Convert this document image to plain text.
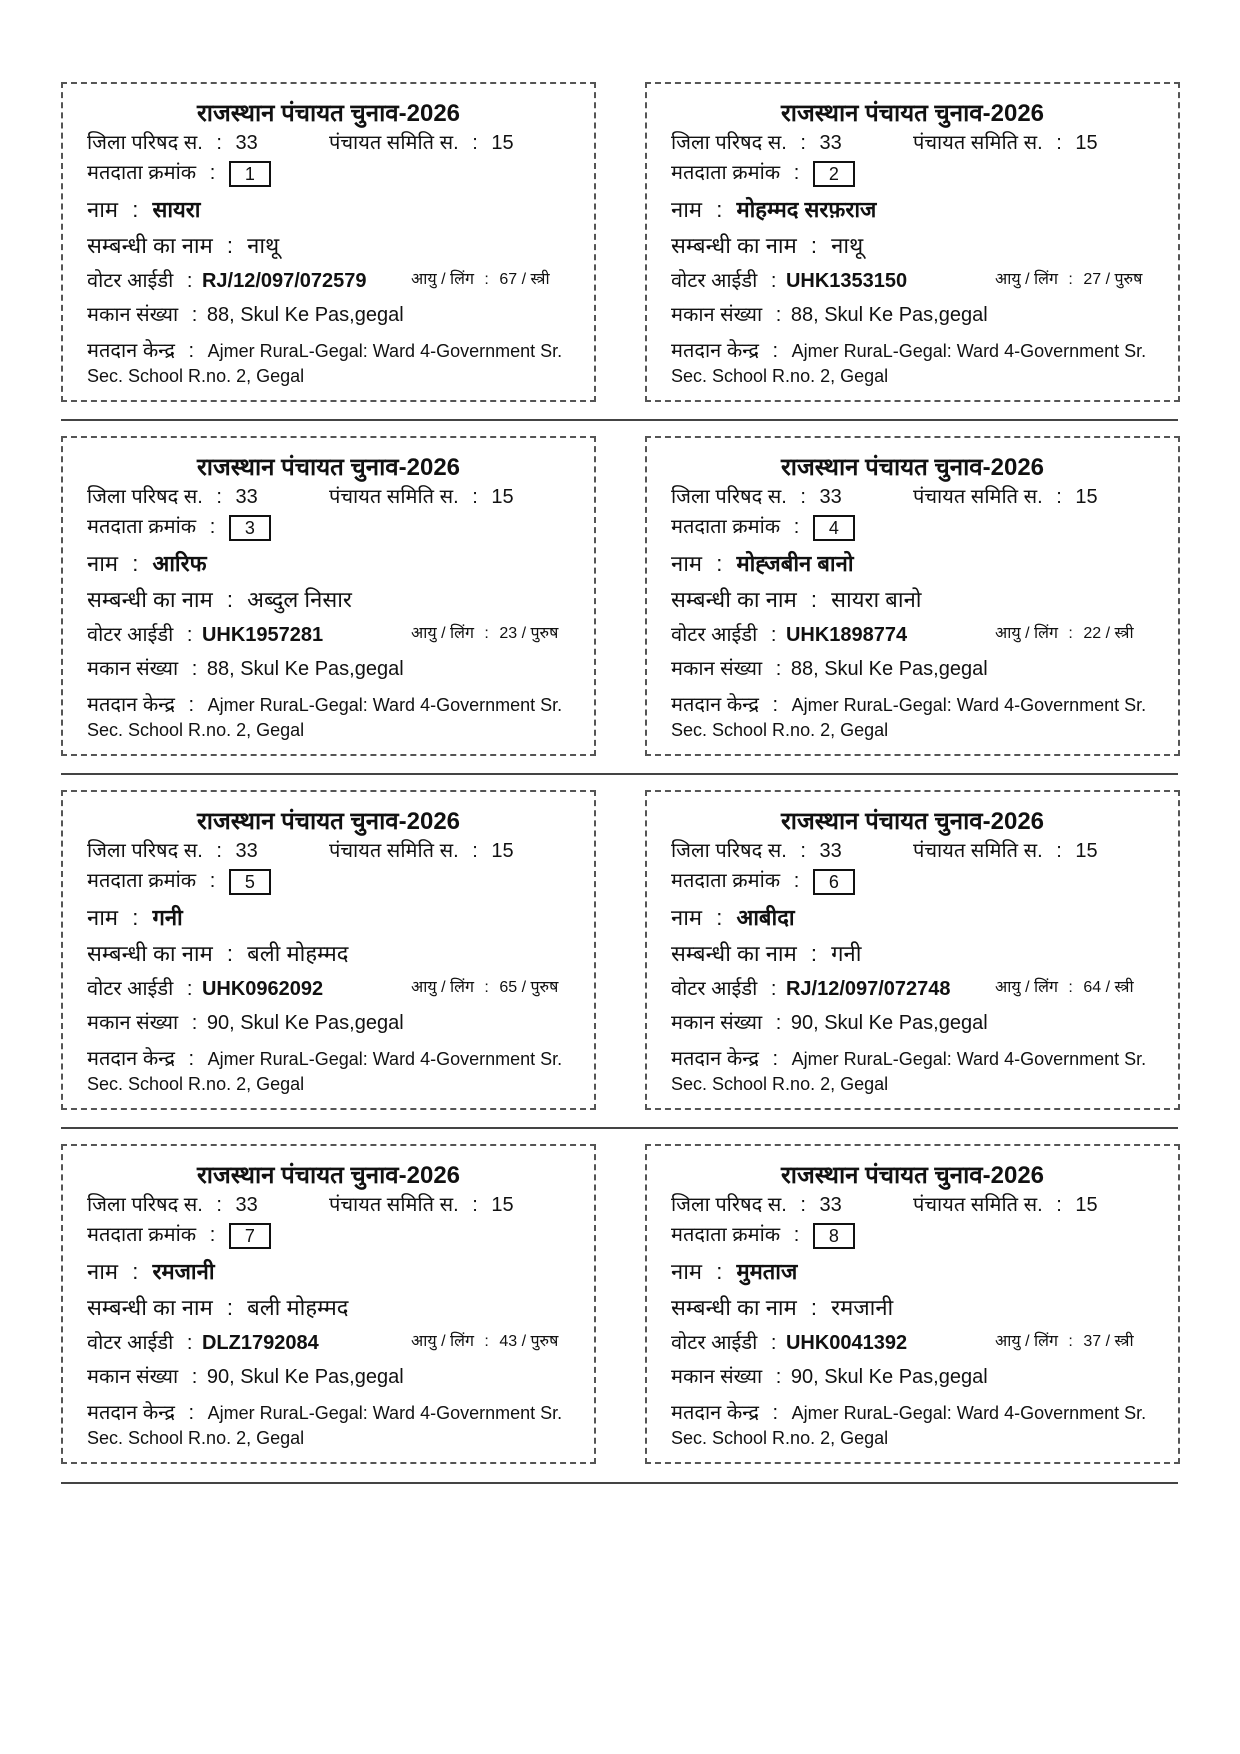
राजस्थान पंचायत चुनाव-2026
जिला परिषद स. : 33	पंचायत समिति स. : 15
मतदाता क्रमांक : 1
नाम : सायरा
सम्बन्धी का नाम : नाथू
वोटर आईडी : RJ/12/097/072579	आयु / लिंग : 67 / स्त्री
मकान संख्या : 88, Skul Ke Pas,gegal
मतदान केन्द्र : Ajmer RuraL-Gegal: Ward 4-Government Sr.
Sec. School R.no. 2, Gegal
राजस्थान पंचायत चुनाव-2026
जिला परिषद स. : 33	पंचायत समिति स. : 15
मतदाता क्रमांक : 2
नाम : मोहम्मद सरफ़राज
सम्बन्धी का नाम : नाथू
वोटर आईडी : UHK1353150	आयु / लिंग : 27 / पुरुष
मकान संख्या : 88, Skul Ke Pas,gegal
मतदान केन्द्र : Ajmer RuraL-Gegal: Ward 4-Government Sr.
Sec. School R.no. 2, Gegal
राजस्थान पंचायत चुनाव-2026
जिला परिषद स. : 33	पंचायत समिति स. : 15
मतदाता क्रमांक : 3
नाम : आरिफ
सम्बन्धी का नाम : अब्दुल निसार
वोटर आईडी : UHK1957281	आयु / लिंग : 23 / पुरुष
मकान संख्या : 88, Skul Ke Pas,gegal
मतदान केन्द्र : Ajmer RuraL-Gegal: Ward 4-Government Sr.
Sec. School R.no. 2, Gegal
राजस्थान पंचायत चुनाव-2026
जिला परिषद स. : 33	पंचायत समिति स. : 15
मतदाता क्रमांक : 4
नाम : मोह्जबीन बानो
सम्बन्धी का नाम : सायरा बानो
वोटर आईडी : UHK1898774	आयु / लिंग : 22 / स्त्री
मकान संख्या : 88, Skul Ke Pas,gegal
मतदान केन्द्र : Ajmer RuraL-Gegal: Ward 4-Government Sr.
Sec. School R.no. 2, Gegal
राजस्थान पंचायत चुनाव-2026
जिला परिषद स. : 33	पंचायत समिति स. : 15
मतदाता क्रमांक : 5
नाम : गनी
सम्बन्धी का नाम : बली मोहम्मद
वोटर आईडी : UHK0962092	आयु / लिंग : 65 / पुरुष
मकान संख्या : 90, Skul Ke Pas,gegal
मतदान केन्द्र : Ajmer RuraL-Gegal: Ward 4-Government Sr.
Sec. School R.no. 2, Gegal
राजस्थान पंचायत चुनाव-2026
जिला परिषद स. : 33	पंचायत समिति स. : 15
मतदाता क्रमांक : 6
नाम : आबीदा
सम्बन्धी का नाम : गनी
वोटर आईडी : RJ/12/097/072748	आयु / लिंग : 64 / स्त्री
मकान संख्या : 90, Skul Ke Pas,gegal
मतदान केन्द्र : Ajmer RuraL-Gegal: Ward 4-Government Sr.
Sec. School R.no. 2, Gegal
राजस्थान पंचायत चुनाव-2026
जिला परिषद स. : 33	पंचायत समिति स. : 15
मतदाता क्रमांक : 7
नाम : रमजानी
सम्बन्धी का नाम : बली मोहम्मद
वोटर आईडी : DLZ1792084	आयु / लिंग : 43 / पुरुष
मकान संख्या : 90, Skul Ke Pas,gegal
मतदान केन्द्र : Ajmer RuraL-Gegal: Ward 4-Government Sr.
Sec. School R.no. 2, Gegal
राजस्थान पंचायत चुनाव-2026
जिला परिषद स. : 33	पंचायत समिति स. : 15
मतदाता क्रमांक : 8
नाम : मुमताज
सम्बन्धी का नाम : रमजानी
वोटर आईडी : UHK0041392	आयु / लिंग : 37 / स्त्री
मकान संख्या : 90, Skul Ke Pas,gegal
मतदान केन्द्र : Ajmer RuraL-Gegal: Ward 4-Government Sr.
Sec. School R.no. 2, Gegal
